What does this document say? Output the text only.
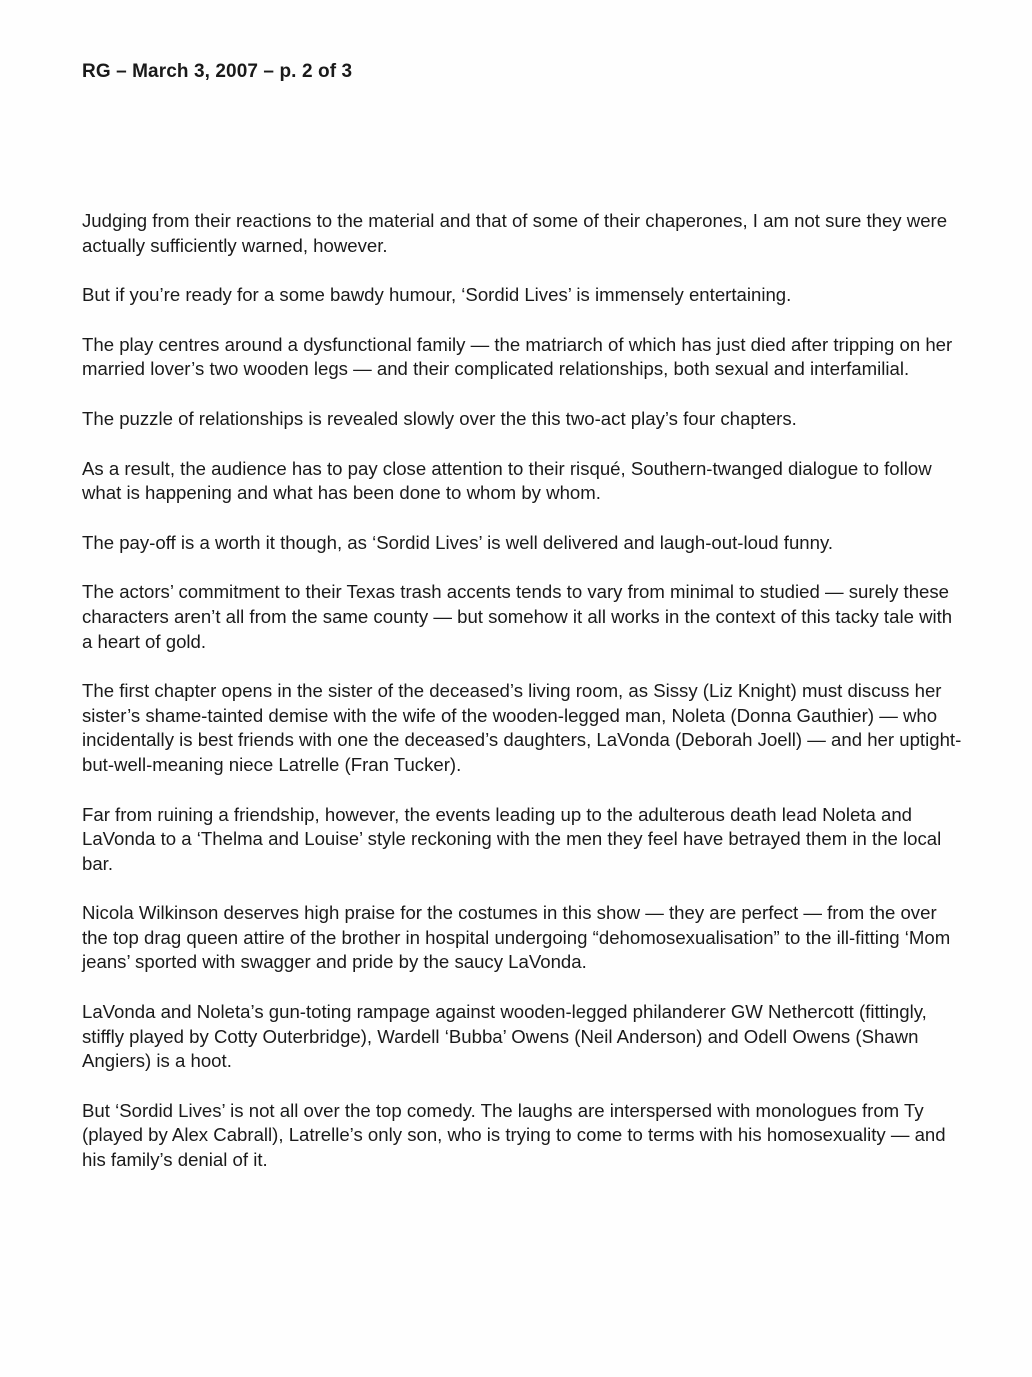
RG – March 3, 2007 – p. 2 of 3

Judging from their reactions to the material and that of some of their chaperones, I am not sure they were actually sufficiently warned, however.

But if you’re ready for a some bawdy humour, ‘Sordid Lives’ is immensely entertaining.

The play centres around a dysfunctional family — the matriarch of which has just died after tripping on her married lover’s two wooden legs — and their complicated relationships, both sexual and interfamilial.

The puzzle of relationships is revealed slowly over the this two-act play’s four chapters.

As a result, the audience has to pay close attention to their risqué, Southern-twanged dialogue to follow what is happening and what has been done to whom by whom.

The pay-off is a worth it though, as ‘Sordid Lives’ is well delivered and laugh-out-loud funny.

The actors’ commitment to their Texas trash accents tends to vary from minimal to studied — surely these characters aren’t all from the same county — but somehow it all works in the context of this tacky tale with a heart of gold.

The first chapter opens in the sister of the deceased’s living room, as Sissy (Liz Knight) must discuss her sister’s shame-tainted demise with the wife of the wooden-legged man, Noleta (Donna Gauthier) — who incidentally is best friends with one the deceased’s daughters, LaVonda (Deborah Joell) — and her uptight-but-well-meaning niece Latrelle (Fran Tucker).

Far from ruining a friendship, however, the events leading up to the adulterous death lead Noleta and LaVonda to a ‘Thelma and Louise’ style reckoning with the men they feel have betrayed them in the local bar.

Nicola Wilkinson deserves high praise for the costumes in this show — they are perfect — from the over the top drag queen attire of the brother in hospital undergoing “dehomosexualisation” to the ill-fitting ‘Mom jeans’ sported with swagger and pride by the saucy LaVonda.

LaVonda and Noleta’s gun-toting rampage against wooden-legged philanderer GW Nethercott (fittingly, stiffly played by Cotty Outerbridge), Wardell ‘Bubba’ Owens (Neil Anderson) and Odell Owens (Shawn Angiers) is a hoot.

But ‘Sordid Lives’ is not all over the top comedy. The laughs are interspersed with monologues from Ty (played by Alex Cabrall), Latrelle’s only son, who is trying to come to terms with his homosexuality — and his family’s denial of it.
